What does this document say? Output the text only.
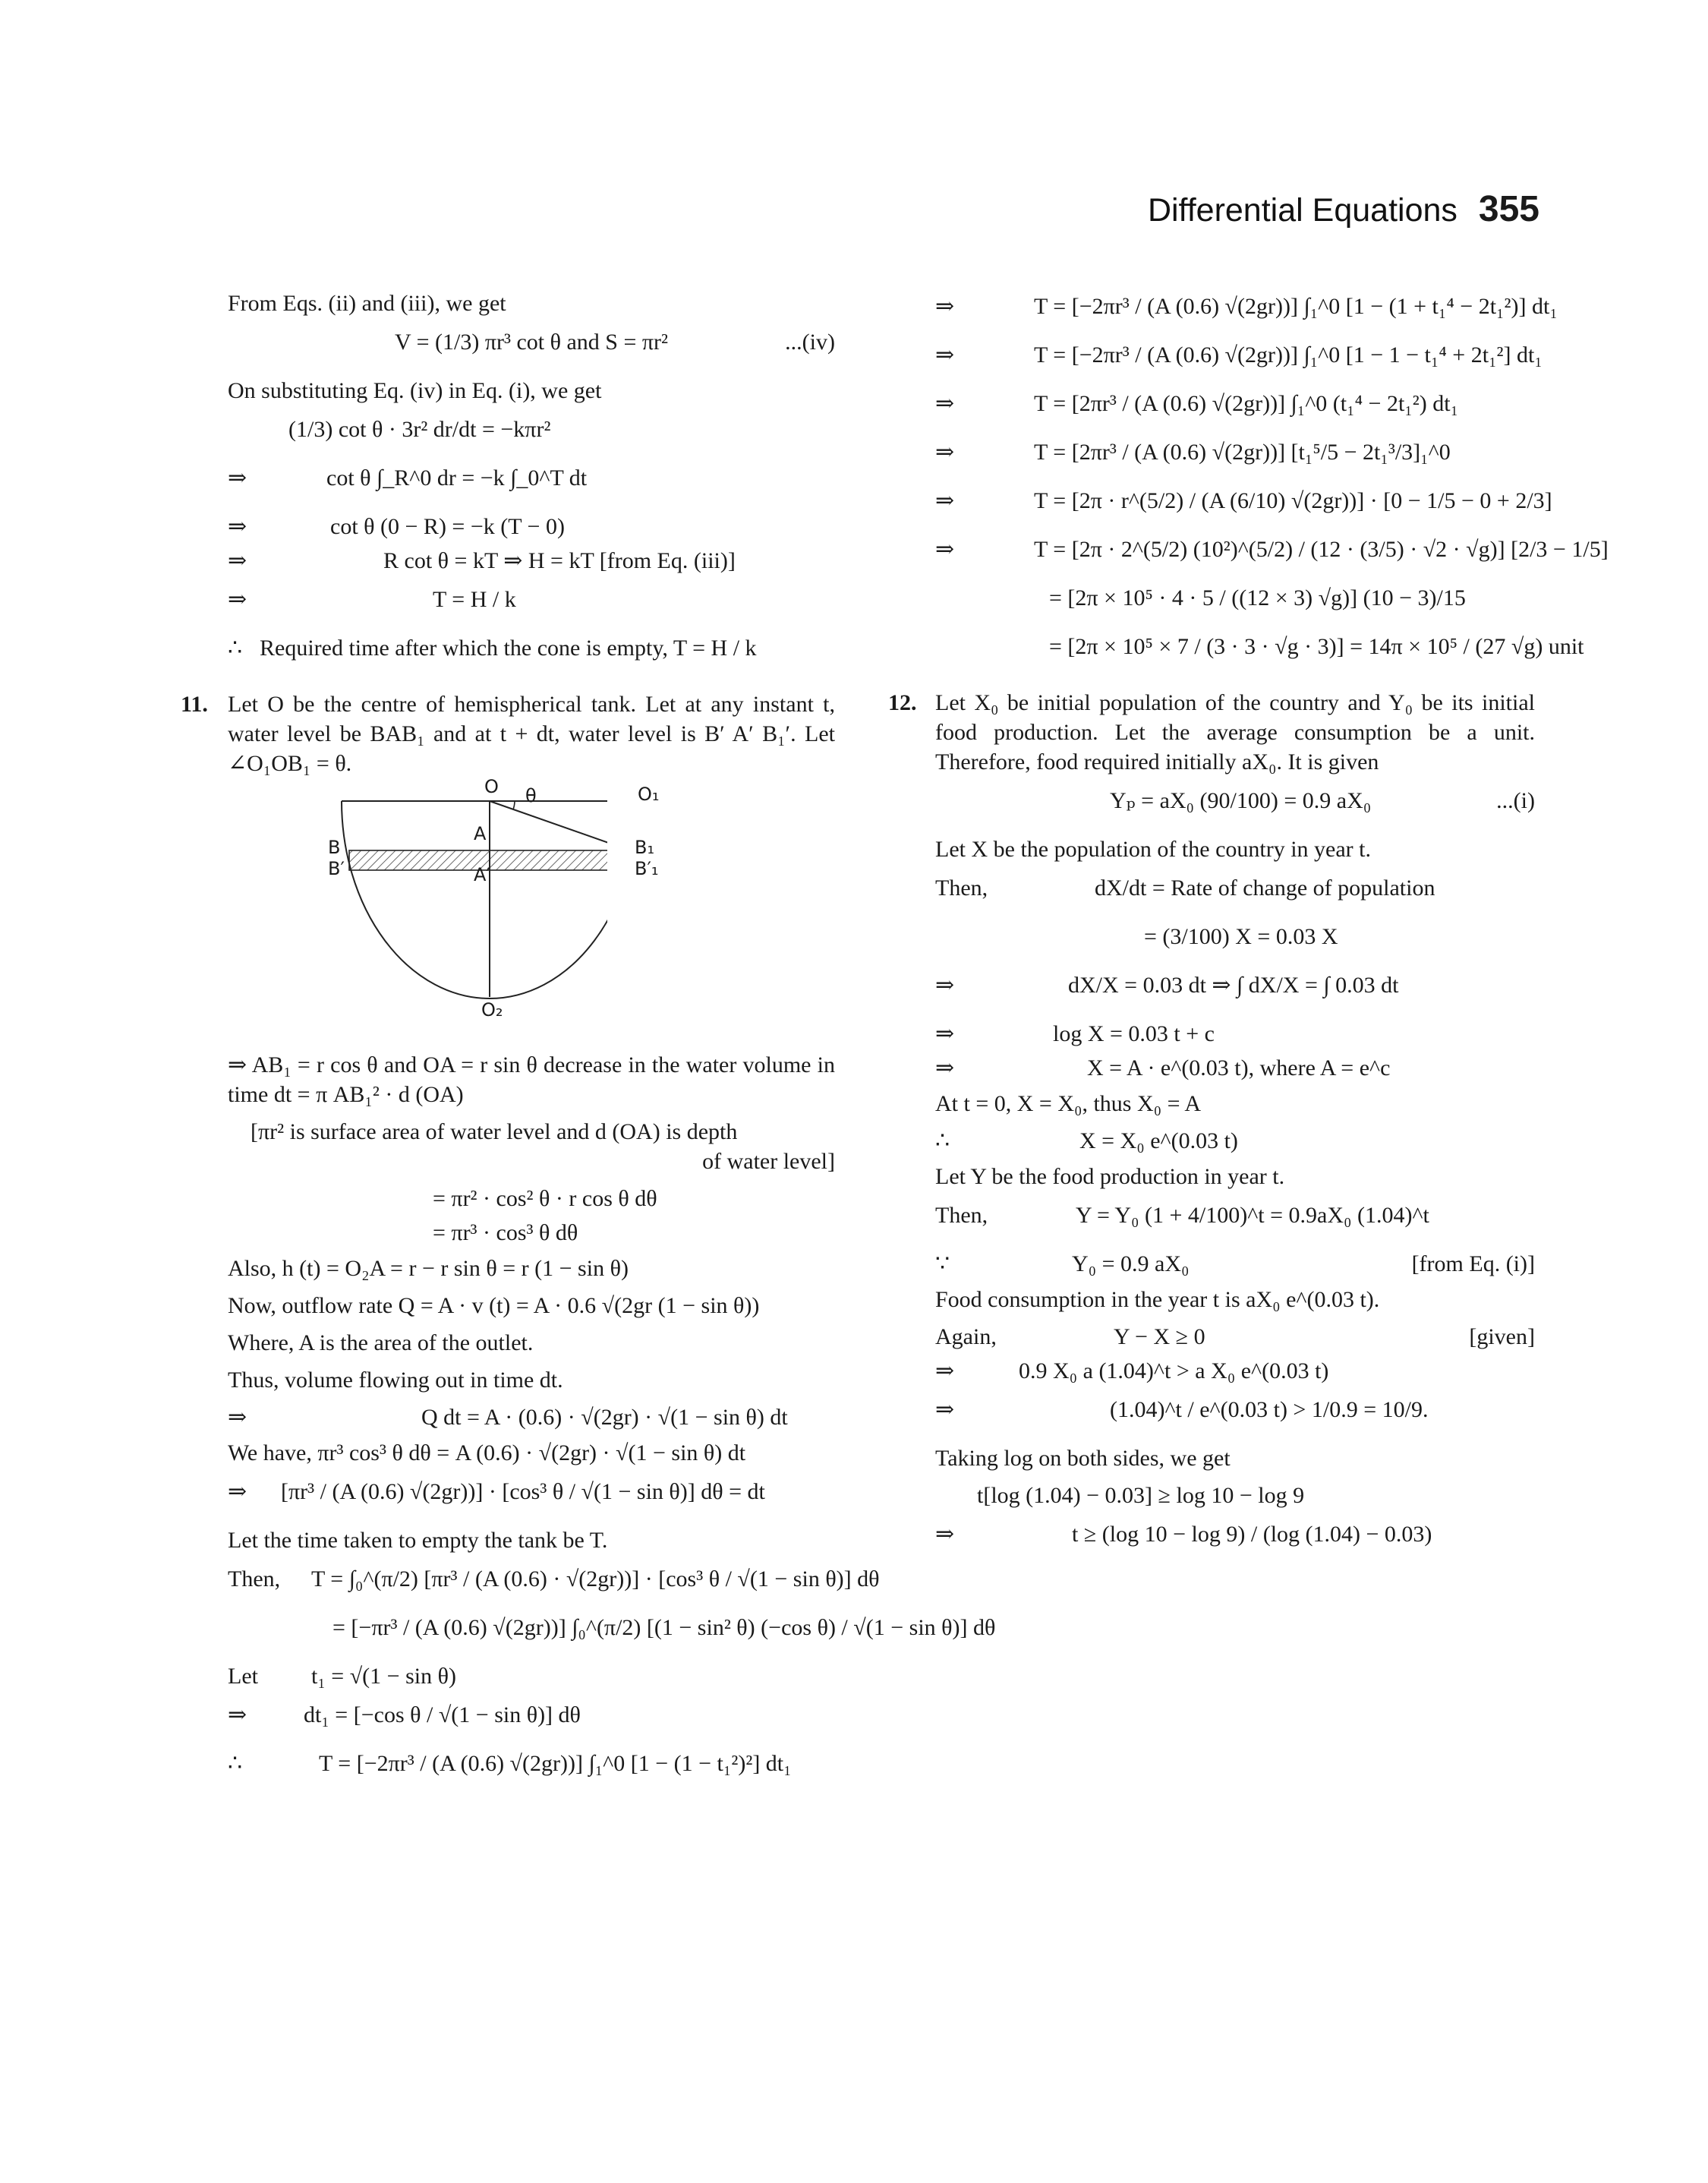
Differential Equations 355
From Eqs. (ii) and (iii), we get
V = (1/3) πr³ cot θ and S = πr²	...(iv)
On substituting Eq. (iv) in Eq. (i), we get
(1/3) cot θ · 3r² dr/dt = −kπr²
⇒	cot θ ∫_R^0 dr = −k ∫_0^T dt
⇒	cot θ (0 − R) = −k (T − 0)
⇒	R cot θ = kT ⇒ H = kT [from Eq. (iii)]
⇒	T = H / k
∴ Required time after which the cone is empty, T = H / k
11. Let O be the centre of hemispherical tank. Let at any instant t, water level be BAB₁ and at t + dt, water level is B′ A′ B₁′. Let ∠O₁OB₁ = θ.
O	O₁
θ
A
A′
B
B′
B₁
B′₁
O₂
⇒ AB₁ = r cos θ and OA = r sin θ decrease in the water volume in time dt = π AB₁² · d (OA)
[πr² is surface area of water level and d (OA) is depth
of water level]
= πr² · cos² θ · r cos θ dθ
= πr³ · cos³ θ dθ
Also, h (t) = O₂A = r − r sin θ = r (1 − sin θ)
Now, outflow rate Q = A · v (t) = A · 0.6 √(2gr (1 − sin θ))
Where, A is the area of the outlet.
Thus, volume flowing out in time dt.
⇒	Q dt = A · (0.6) · √(2gr) · √(1 − sin θ) dt
We have, πr³ cos³ θ dθ = A (0.6) · √(2gr) · √(1 − sin θ) dt
⇒	[πr³ / (A (0.6) √(2gr))] · [cos³ θ / √(1 − sin θ)] dθ = dt
Let the time taken to empty the tank be T.
Then,	T = ∫₀^(π/2) [πr³ / (A (0.6) · √(2gr))] · [cos³ θ / √(1 − sin θ)] dθ
= [−πr³ / (A (0.6) √(2gr))] ∫₀^(π/2) [(1 − sin² θ) (−cos θ) / √(1 − sin θ)] dθ
Let	t₁ = √(1 − sin θ)
⇒	dt₁ = [−cos θ / √(1 − sin θ)] dθ
∴	T = [−2πr³ / (A (0.6) √(2gr))] ∫₁^0 [1 − (1 − t₁²)²] dt₁
⇒	T = [−2πr³ / (A (0.6) √(2gr))] ∫₁^0 [1 − (1 + t₁⁴ − 2t₁²)] dt₁
⇒	T = [−2πr³ / (A (0.6) √(2gr))] ∫₁^0 [1 − 1 − t₁⁴ + 2t₁²] dt₁
⇒	T = [2πr³ / (A (0.6) √(2gr))] ∫₁^0 (t₁⁴ − 2t₁²) dt₁
⇒	T = [2πr³ / (A (0.6) √(2gr))] [t₁⁵/5 − 2t₁³/3]₁^0
⇒	T = [2π · r^(5/2) / (A (6/10) √(2gr))] · [0 − 1/5 − 0 + 2/3]
⇒	T = [2π · 2^(5/2) (10²)^(5/2) / (12 · (3/5) · √2 · √g)] [2/3 − 1/5]
= [2π × 10⁵ · 4 · 5 / ((12 × 3) √g)] (10 − 3)/15
= [2π × 10⁵ × 7 / (3 · 3 · √g · 3)] = 14π × 10⁵ / (27 √g) unit
12. Let X₀ be initial population of the country and Y₀ be its initial food production. Let the average consumption be a unit. Therefore, food required initially aX₀. It is given
Yₚ = aX₀ (90/100) = 0.9 aX₀	...(i)
Let X be the population of the country in year t.
Then,	dX/dt = Rate of change of population
= (3/100) X = 0.03 X
⇒	dX/X = 0.03 dt ⇒ ∫ dX/X = ∫ 0.03 dt
⇒	log X = 0.03 t + c
⇒	X = A · e^(0.03 t), where A = e^c
At t = 0, X = X₀, thus X₀ = A
∴	X = X₀ e^(0.03 t)
Let Y be the food production in year t.
Then,	Y = Y₀ (1 + 4/100)^t = 0.9aX₀ (1.04)^t
∵	Y₀ = 0.9 aX₀	[from Eq. (i)]
Food consumption in the year t is aX₀ e^(0.03 t).
Again,	Y − X ≥ 0	[given]
⇒	0.9 X₀ a (1.04)^t > a X₀ e^(0.03 t)
⇒	(1.04)^t / e^(0.03 t) > 1/0.9 = 10/9.
Taking log on both sides, we get
t[log (1.04) − 0.03] ≥ log 10 − log 9
⇒	t ≥ (log 10 − log 9) / (log (1.04) − 0.03)
